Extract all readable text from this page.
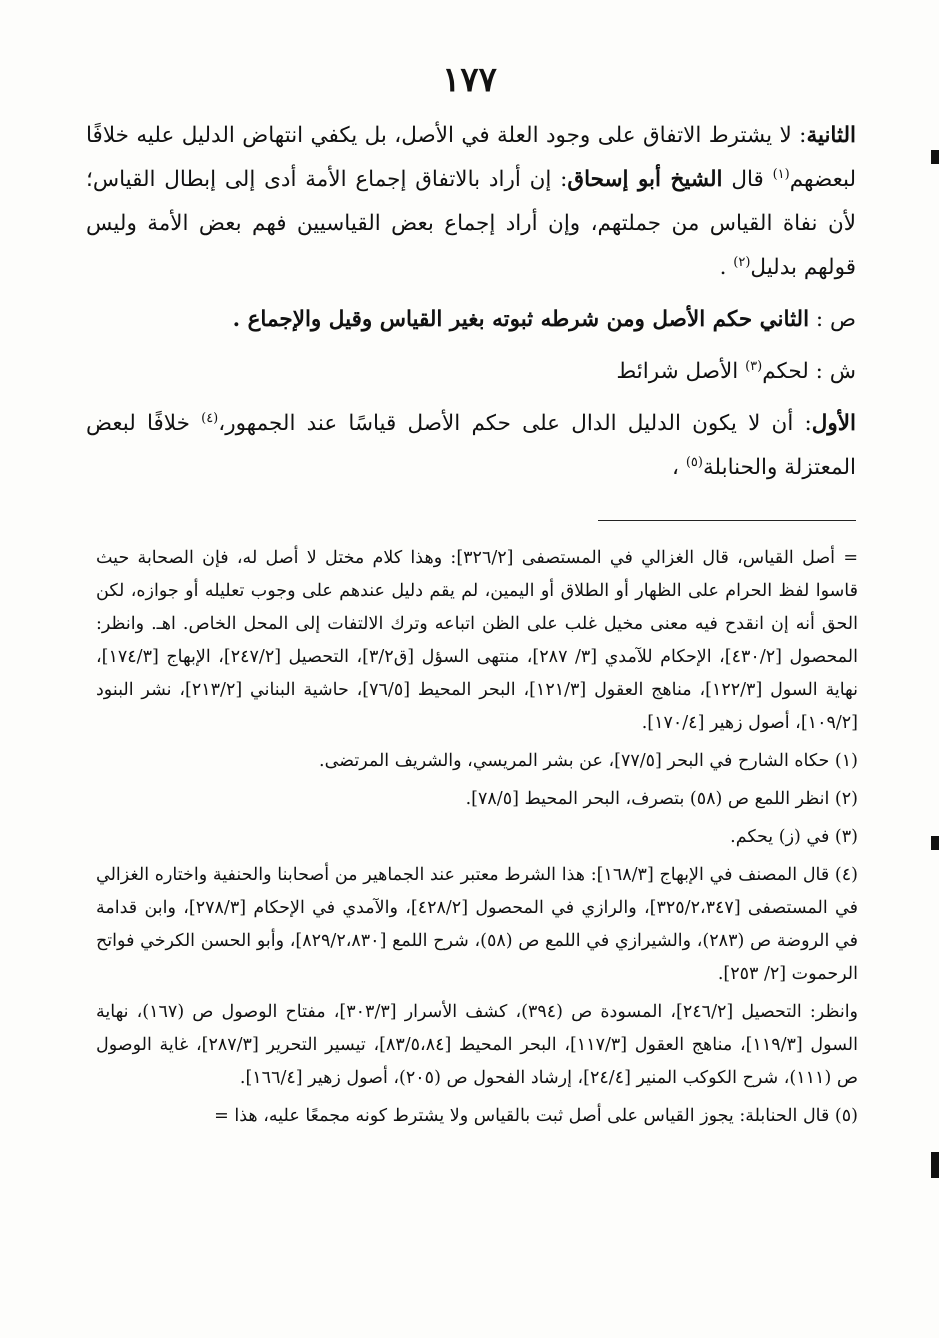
١٧٧

الثانية: لا يشترط الاتفاق على وجود العلة في الأصل، بل يكفي انتهاض الدليل عليه خلافًا لبعضهم$^{(١)}$ قال الشيخ أبو إسحاق: إن أراد بالاتفاق إجماع الأمة أدى إلى إبطال القياس؛ لأن نفاة القياس من جملتهم، وإن أراد إجماع بعض القياسيين فهم بعض الأمة وليس قولهم بدليل$^{(٢)}$ .

ص : الثاني حكم الأصل ومن شرطه ثبوته بغير القياس وقيل والإجماع .

ش : لحكم$^{(٣)}$ الأصل شرائط

الأول: أن لا يكون الدليل الدال على حكم الأصل قياسًا عند الجمهور،$^{(٤)}$ خلافًا لبعض المعتزلة والحنابلة$^{(٥)}$ ،

= أصل القياس، قال الغزالي في المستصفى [٣٢٦/٢]: وهذا كلام مختل لا أصل له، فإن الصحابة حيث قاسوا لفظ الحرام على الظهار أو الطلاق أو اليمين، لم يقم دليل عندهم على وجوب تعليله أو جوازه، لكن الحق أنه إن انقدح فيه معنى مخيل غلب على الظن اتباعه وترك الالتفات إلى المحل الخاص. اهـ. وانظر: المحصول [٤٣٠/٢]، الإحكام للآمدي [٣/ ٢٨٧]، منتهى السؤل [ق٣/٢]، التحصيل [٢٤٧/٢]، الإبهاج [١٧٤/٣]، نهاية السول [١٢٢/٣]، مناهج العقول [١٢١/٣]، البحر المحيط [٧٦/٥]، حاشية البناني [٢١٣/٢]، نشر البنود [١٠٩/٢]، أصول زهير [١٧٠/٤].

(١) حكاه الشارح في البحر [٧٧/٥]، عن بشر المريسي، والشريف المرتضى.

(٢) انظر اللمع ص (٥٨) بتصرف، البحر المحيط [٧٨/٥].

(٣) في (ز) يحكم.

(٤) قال المصنف في الإبهاج [١٦٨/٣]: هذا الشرط معتبر عند الجماهير من أصحابنا والحنفية واختاره الغزالي في المستصفى [٣٢٥/٢،٣٤٧]، والرازي في المحصول [٤٢٨/٢]، والآمدي في الإحكام [٢٧٨/٣]، وابن قدامة في الروضة ص (٢٨٣)، والشيرازي في اللمع ص (٥٨)، شرح اللمع [٨٢٩/٢،٨٣٠]، وأبو الحسن الكرخي فواتح الرحموت [٢/ ٢٥٣].

وانظر: التحصيل [٢٤٦/٢]، المسودة ص (٣٩٤)، كشف الأسرار [٣٠٣/٣]، مفتاح الوصول ص (١٦٧)، نهاية السول [١١٩/٣]، مناهج العقول [١١٧/٣]، البحر المحيط [٨٣/٥،٨٤]، تيسير التحرير [٢٨٧/٣]، غاية الوصول ص (١١١)، شرح الكوكب المنير [٢٤/٤]، إرشاد الفحول ص (٢٠٥)، أصول زهير [١٦٦/٤].

(٥) قال الحنابلة: يجوز القياس على أصل ثبت بالقياس ولا يشترط كونه مجمعًا عليه، هذا =
